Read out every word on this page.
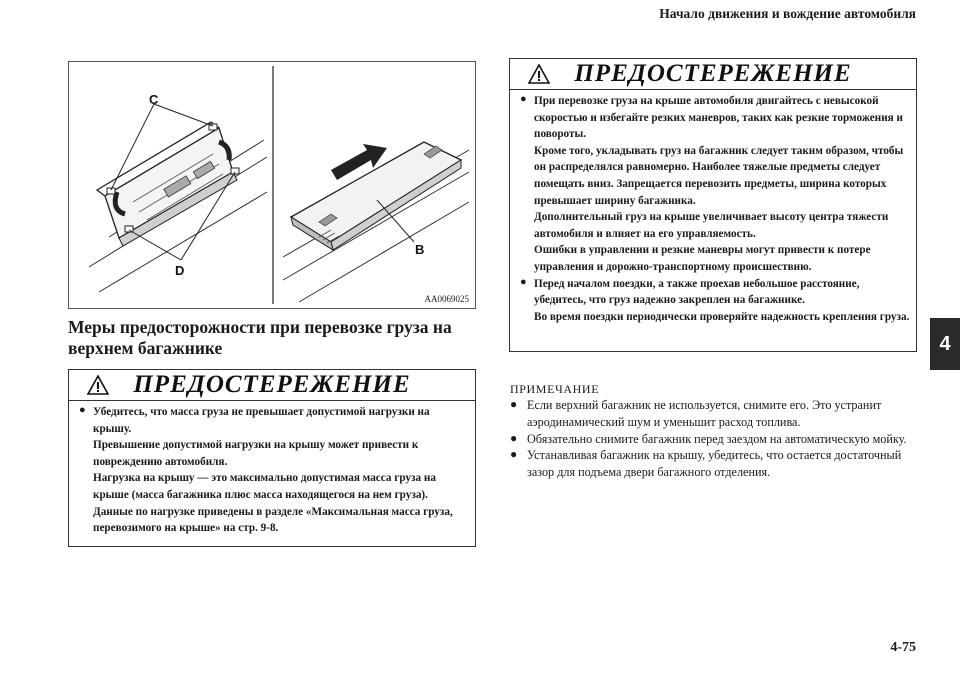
Начало движения и вождение автомобиля
C
D
B
AA0069025
Меры предосторожности при перевозке груза на верхнем багажнике
ПРЕДОСТЕРЕЖЕНИЕ
● Убедитесь, что масса груза не превышает допустимой нагрузки на крышу.

Превышение допустимой нагрузки на крышу может привести к повреждению автомобиля.

Нагрузка на крышу — это максимально допустимая масса груза на крыше (масса багажника плюс масса находящегося на нем груза).

Данные по нагрузке приведены в разделе «Максимальная масса груза, перевозимого на крыше» на стр. 9-8.

ПРЕДОСТЕРЕЖЕНИЕ
● При перевозке груза на крыше автомобиля двигайтесь с невысокой скоростью и избегайте резких маневров, таких как резкие торможения и повороты.

Кроме того, укладывать груз на багажник следует таким образом, чтобы он распределялся равномерно. Наиболее тяжелые предметы следует помещать вниз. Запрещается перевозить предметы, ширина которых превышает ширину багажника.

Дополнительный груз на крыше увеличивает высоту центра тяжести автомобиля и влияет на его управляемость.

Ошибки в управлении и резкие маневры могут привести к потере управления и дорожно-транспортному происшествию.

● Перед началом поездки, а также проехав небольшое расстояние, убедитесь, что груз надежно закреплен на багажнике.

Во время поездки периодически проверяйте надежность крепления груза.

ПРИМЕЧАНИЕ
● Если верхний багажник не используется, снимите его. Это устранит аэродинамический шум и уменьшит расход топлива.

● Обязательно снимите багажник перед заездом на автоматическую мойку.

● Устанавливая багажник на крышу, убедитесь, что остается достаточный зазор для подъема двери багажного отделения.

4
4-75
